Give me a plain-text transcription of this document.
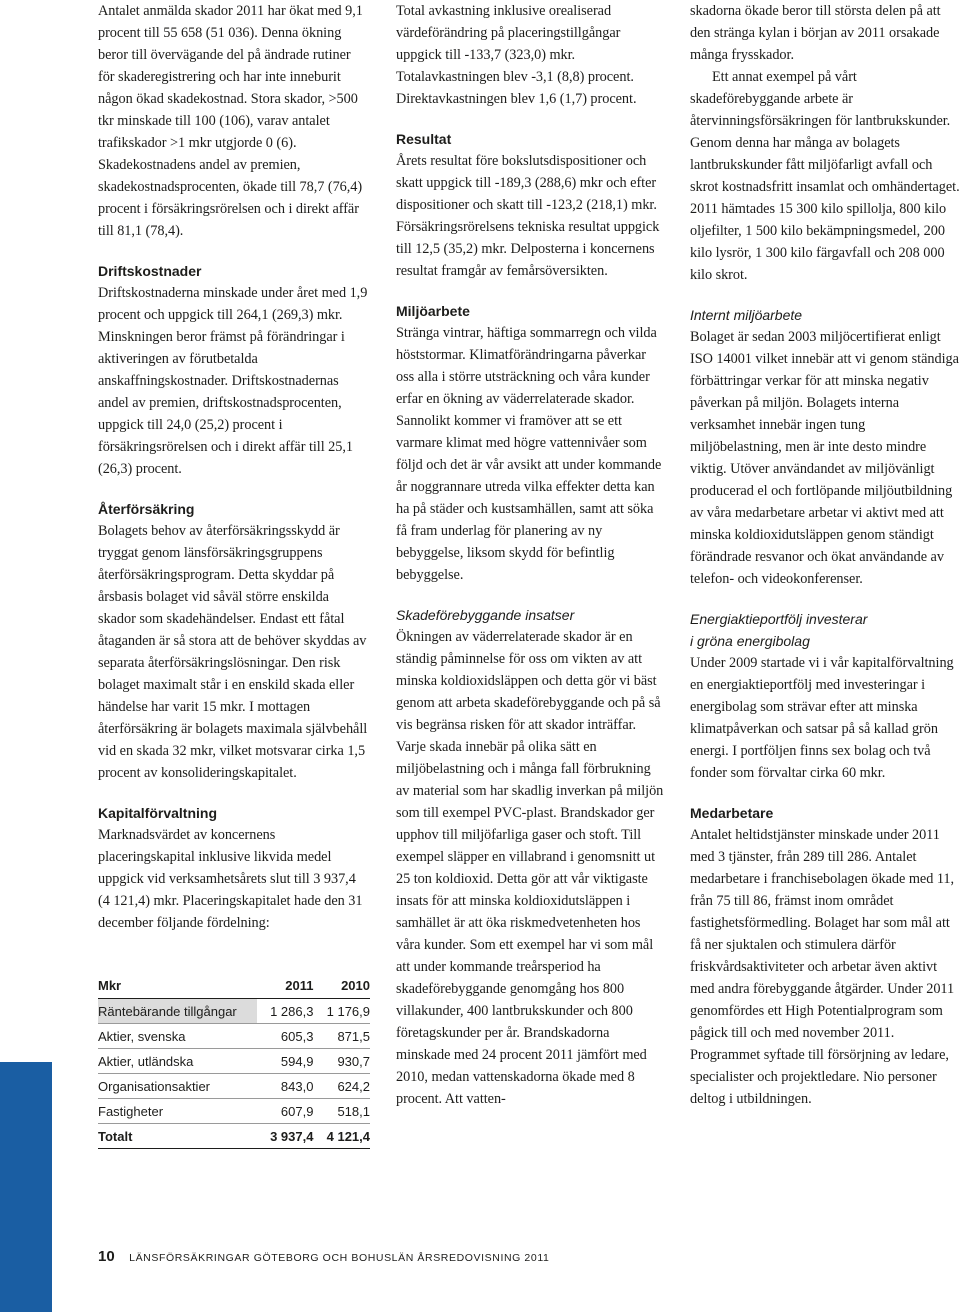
Antalet anmälda skador 2011 har ökat med 9,1 procent till 55 658 (51 036). Denna ökning beror till övervägande del på ändrade rutiner för skaderegistrering och har inte inneburit någon ökad skadekostnad. Stora skador, >500 tkr minskade till 100 (106), varav antalet trafikskador >1 mkr utgjorde 0 (6). Skadekostnadens andel av premien, skadekostnadsprocenten, ökade till 78,7 (76,4) procent i försäkringsrörelsen och i direkt affär till 81,1 (78,4).

Driftskostnader

Driftskostnaderna minskade under året med 1,9 procent och uppgick till 264,1 (269,3) mkr. Minskningen beror främst på förändringar i aktiveringen av förutbetalda anskaffningskostnader. Driftskostnadernas andel av premien, driftskostnadsprocenten, uppgick till 24,0 (25,2) procent i försäkringsrörelsen och i direkt affär till 25,1 (26,3) procent.

Återförsäkring

Bolagets behov av återförsäkringsskydd är tryggat genom länsförsäkringsgruppens återförsäkringsprogram. Detta skyddar på årsbasis bolaget vid såväl större enskilda skador som skadehändelser. Endast ett fåtal åtaganden är så stora att de behöver skyddas av separata återförsäkringslösningar. Den risk bolaget maximalt står i en enskild skada eller händelse har varit 15 mkr. I mottagen återförsäkring är bolagets maximala självbehåll vid en skada 32 mkr, vilket motsvarar cirka 1,5 procent av konsolideringskapitalet.

Kapitalförvaltning

Marknadsvärdet av koncernens placeringskapital inklusive likvida medel uppgick vid verksamhetsårets slut till 3 937,4 (4 121,4) mkr. Placeringskapitalet hade den 31 december följande fördelning:

Mkr	2011	2010
Räntebärande tillgångar	1 286,3	1 176,9
Aktier, svenska	605,3	871,5
Aktier, utländska	594,9	930,7
Organisationsaktier	843,0	624,2
Fastigheter	607,9	518,1
Totalt	3 937,4	4 121,4

Total avkastning inklusive orealiserad värdeförändring på placeringstillgångar uppgick till -133,7 (323,0) mkr. Totalavkastningen blev -3,1 (8,8) procent. Direktavkastningen blev 1,6 (1,7) procent.

Resultat

Årets resultat före bokslutsdispositioner och skatt uppgick till -189,3 (288,6) mkr och efter dispositioner och skatt till -123,2 (218,1) mkr. Försäkringsrörelsens tekniska resultat uppgick till 12,5 (35,2) mkr. Delposterna i koncernens resultat framgår av femårsöversikten.

Miljöarbete

Stränga vintrar, häftiga sommarregn och vilda höststormar. Klimatförändringarna påverkar oss alla i större utsträckning och våra kunder erfar en ökning av väderrelaterade skador. Sannolikt kommer vi framöver att se ett varmare klimat med högre vattennivåer som följd och det är vår avsikt att under kommande år noggrannare utreda vilka effekter detta kan ha på städer och kustsamhällen, samt att söka få fram underlag för planering av ny bebyggelse, liksom skydd för befintlig bebyggelse.

Skadeförebyggande insatser

Ökningen av väderrelaterade skador är en ständig påminnelse för oss om vikten av att minska koldioxidsläppen och detta gör vi bäst genom att arbeta skadeförebyggande och på så vis begränsa risken för att skador inträffar. Varje skada innebär på olika sätt en miljöbelastning och i många fall förbrukning av material som har skadlig inverkan på miljön som till exempel PVC-plast. Brandskador ger upphov till miljöfarliga gaser och stoft. Till exempel släpper en villabrand i genomsnitt ut 25 ton koldioxid. Detta gör att vår viktigaste insats för att minska koldioxidutsläppen i samhället är att öka riskmedvetenheten hos våra kunder. Som ett exempel har vi som mål att under kommande treårsperiod ha skadeförebyggande genomgång hos 800 villakunder, 400 lantbrukskunder och 800 företagskunder per år. Brandskadorna minskade med 24 procent 2011 jämfört med 2010, medan vattenskadorna ökade med 8 procent. Att vatten-

skadorna ökade beror till största delen på att den stränga kylan i början av 2011 orsakade många frysskador.

Ett annat exempel på vårt skadeförebyggande arbete är återvinningsförsäkringen för lantbrukskunder. Genom denna har många av bolagets lantbrukskunder fått miljöfarligt avfall och skrot kostnadsfritt insamlat och omhändertaget. 2011 hämtades 15 300 kilo spillolja, 800 kilo oljefilter, 1 500 kilo bekämpningsmedel, 200 kilo lysrör, 1 300 kilo färgavfall och 208 000 kilo skrot.

Internt miljöarbete

Bolaget är sedan 2003 miljöcertifierat enligt ISO 14001 vilket innebär att vi genom ständiga förbättringar verkar för att minska negativ påverkan på miljön. Bolagets interna verksamhet innebär ingen tung miljöbelastning, men är inte desto mindre viktig. Utöver användandet av miljövänligt producerad el och fortlöpande miljöutbildning av våra medarbetare arbetar vi aktivt med att minska koldioxidutsläppen genom ständigt förändrade resvanor och ökat användande av telefon- och videokonferenser.

Energiaktieportfölj investerar
i gröna energibolag

Under 2009 startade vi i vår kapitalförvaltning en energiaktieportfölj med investeringar i energibolag som strävar efter att minska klimatpåverkan och satsar på så kallad grön energi. I portföljen finns sex bolag och två fonder som förvaltar cirka 60 mkr.

Medarbetare

Antalet heltidstjänster minskade under 2011 med 3 tjänster, från 289 till 286. Antalet medarbetare i franchisebolagen ökade med 11, från 75 till 86, främst inom området fastighetsförmedling. Bolaget har som mål att få ner sjuktalen och stimulera därför friskvårdsaktiviteter och arbetar även aktivt med andra förebyggande åtgärder. Under 2011 genomfördes ett High Potentialprogram som pågick till och med november 2011. Programmet syftade till försörjning av ledare, specialister och projektledare. Nio personer deltog i utbildningen.

10 LÄNSFÖRSÄKRINGAR GÖTEBORG OCH BOHUSLÄN ÅRSREDOVISNING 2011
